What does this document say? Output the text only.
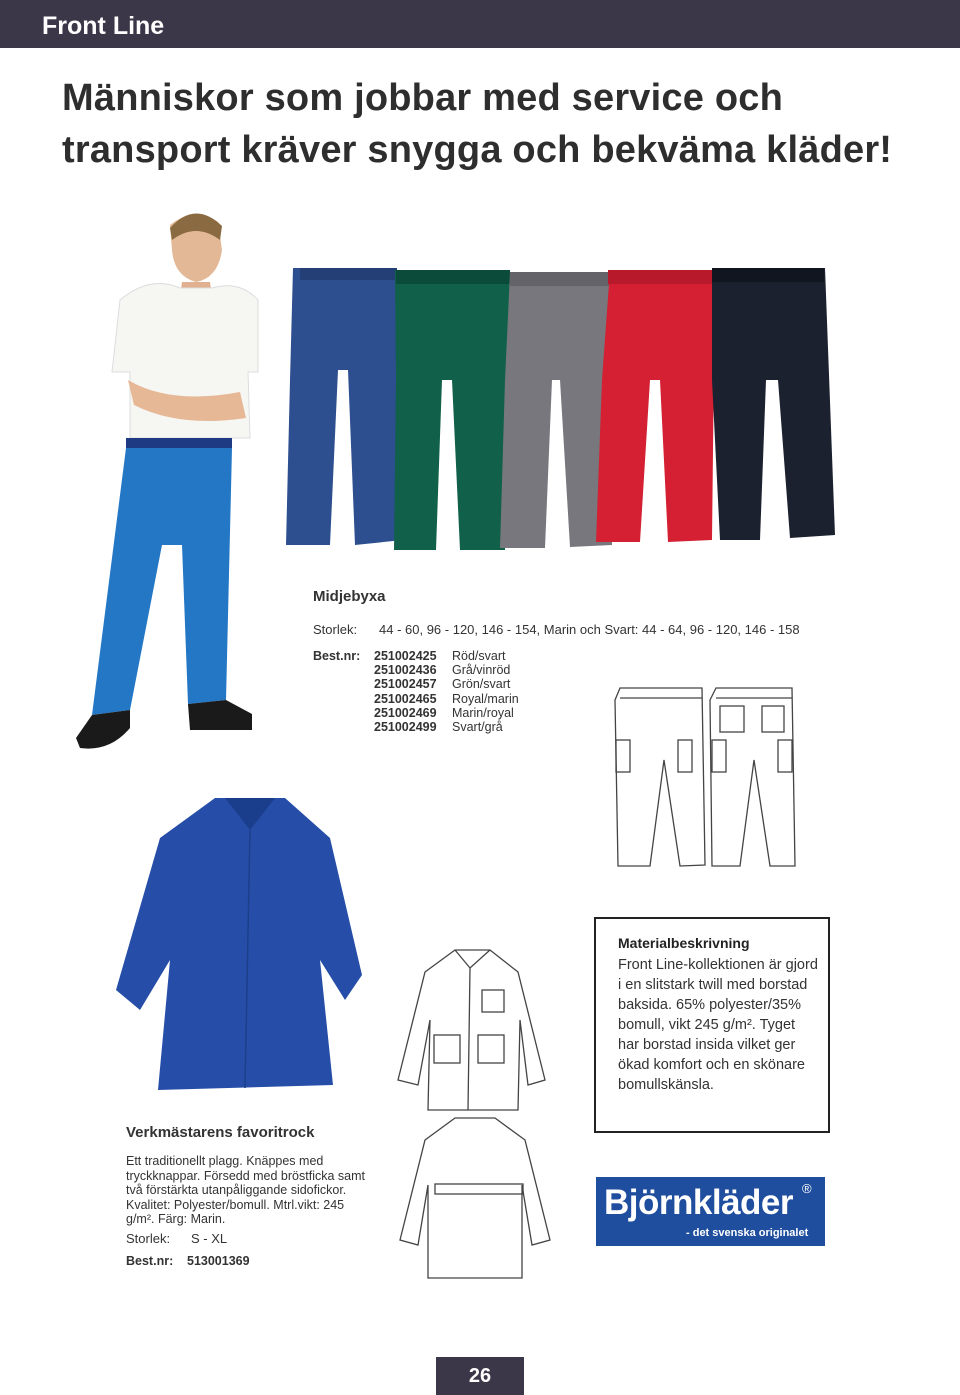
Front Line
Människor som jobbar med service och transport kräver snygga och bekväma kläder!
Midjebyxa
Storlek: 44 - 60, 96 - 120, 146 - 154, Marin och Svart: 44 - 64, 96 - 120, 146 - 158
Best.nr: 251002425	Röd/svart
251002436	Grå/vinröd
251002457	Grön/svart
251002465	Royal/marin
251002469	Marin/royal
251002499	Svart/grå
Materialbeskrivning
Front Line-kollektionen är gjord i en slitstark twill med borstad baksida. 65% polyester/35% bomull, vikt 245 g/m². Tyget har borstad insida vilket ger ökad komfort och en skönare bomullskänsla.
Verkmästarens favoritrock
Ett traditionellt plagg. Knäppes med tryckknappar. Försedd med bröstficka samt två förstärkta utanpåliggande sidofickor. Kvalitet: Polyester/bomull. Mtrl.vikt: 245 g/m². Färg: Marin.
Storlek: S - XL
Best.nr: 513001369
Björnkläder ®
- det svenska originalet
26
